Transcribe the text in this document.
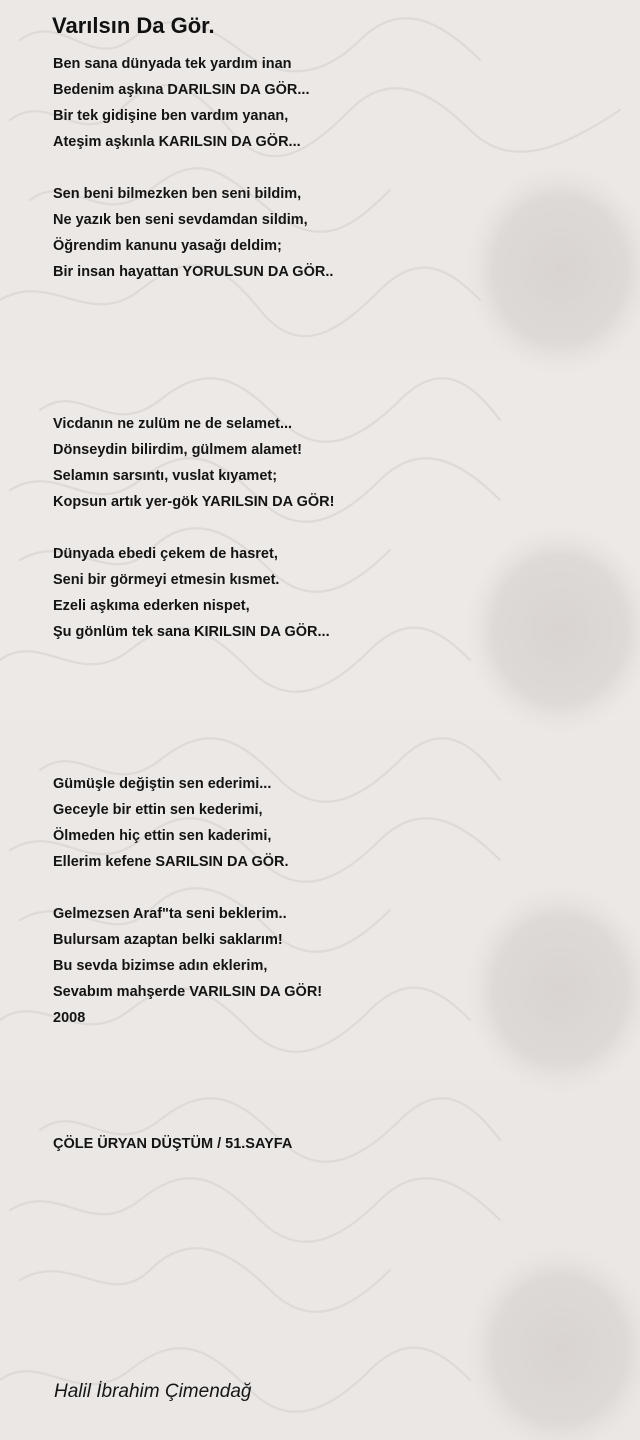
Varılsın Da Gör.
Ben sana dünyada tek yardım inan
Bedenim aşkına DARILSIN DA GÖR...
Bir tek gidişine ben vardım yanan,
Ateşim aşkınla KARILSIN DA GÖR...
Sen beni bilmezken ben seni bildim,
Ne yazık ben seni sevdamdan sildim,
Öğrendim kanunu yasağı deldim;
Bir insan hayattan YORULSUN DA GÖR..
Vicdanın ne zulüm ne de selamet...
Dönseydin bilirdim, gülmem alamet!
Selamın sarsıntı, vuslat kıyamet;
Kopsun artık yer-gök YARILSIN DA GÖR!
Dünyada ebedi çekem de hasret,
Seni bir görmeyi etmesin kısmet.
Ezeli aşkıma ederken nispet,
Şu gönlüm tek sana KIRILSIN DA GÖR...
Gümüşle değiştin sen ederimi...
Geceyle bir ettin sen kederimi,
Ölmeden hiç ettin sen kaderimi,
Ellerim kefene SARILSIN DA GÖR.
Gelmezsen Araf"ta seni beklerim..
Bulursam azaptan belki saklarım!
Bu sevda bizimse adın eklerim,
Sevabım mahşerde VARILSIN DA GÖR!
2008
ÇÖLE ÜRYAN DÜŞTÜM / 51.SAYFA
Halil İbrahim Çimendağ
